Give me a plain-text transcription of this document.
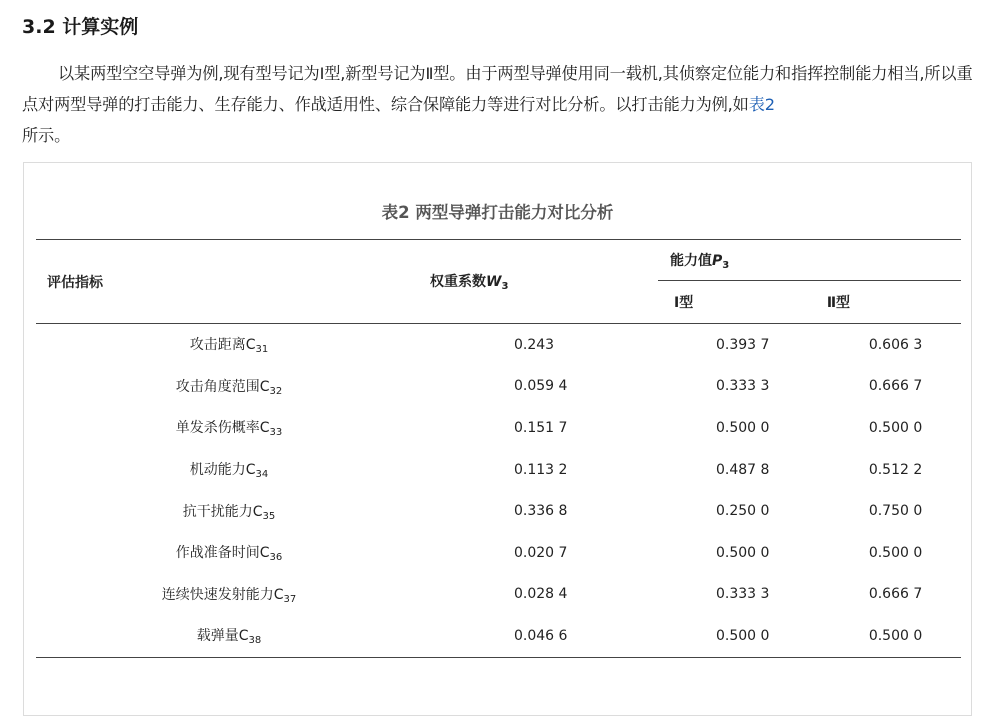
3.2 计算实例

以某两型空空导弹为例,现有型号记为Ⅰ型,新型号记为Ⅱ型。由于两型导弹使用同一载机,其侦察定位能力和指挥控制能力相当,所以重点对两型导弹的打击能力、生存能力、作战适用性、综合保障能力等进行对比分析。以打击能力为例,如表2
所示。

表2 两型导弹打击能力对比分析
评估指标	权重系数$W_3$	能力值$P_3$
		Ⅰ型	Ⅱ型
攻击距离$C_{31}$	0.243	0.393 7	0.606 3
攻击角度范围$C_{32}$	0.059 4	0.333 3	0.666 7
单发杀伤概率$C_{33}$	0.151 7	0.500 0	0.500 0
机动能力$C_{34}$	0.113 2	0.487 8	0.512 2
抗干扰能力$C_{35}$	0.336 8	0.250 0	0.750 0
作战准备时间$C_{36}$	0.020 7	0.500 0	0.500 0
连续快速发射能力$C_{37}$	0.028 4	0.333 3	0.666 7
载弹量$C_{38}$	0.046 6	0.500 0	0.500 0
